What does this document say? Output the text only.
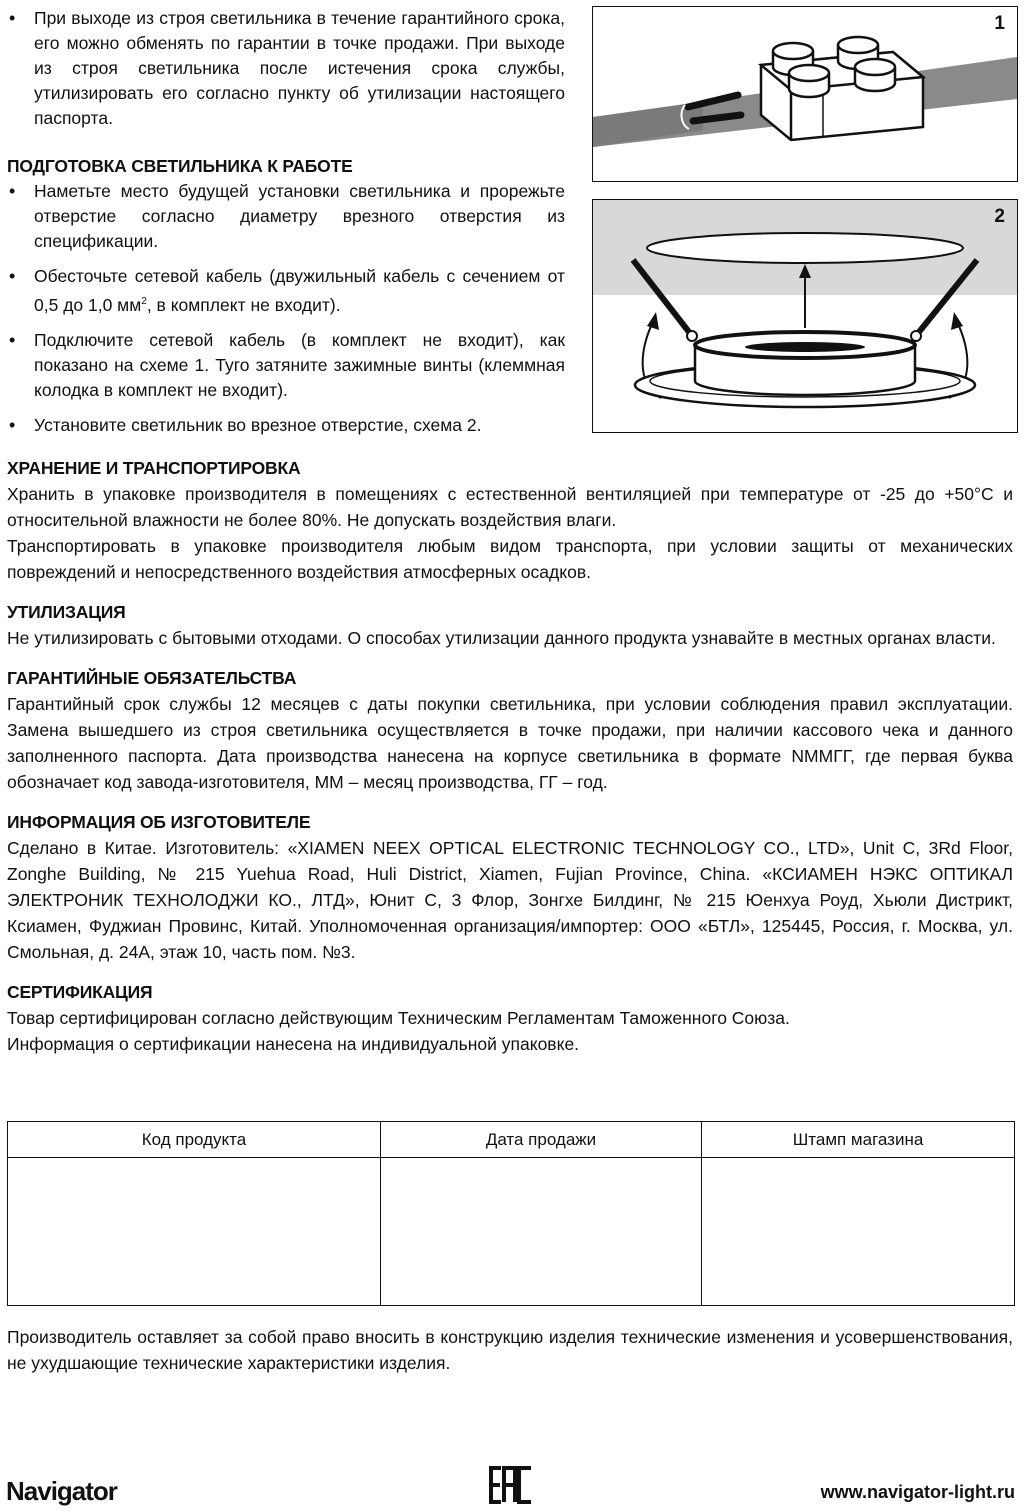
• При выходе из строя светильника в течение гарантийного срока, его можно обменять по гарантии в точке продажи. При выходе из строя светильника после истечения срока службы, утилизировать его согласно пункту об утилизации настоящего паспорта.
ПОДГОТОВКА СВЕТИЛЬНИКА К РАБОТЕ
• Наметьте место будущей установки светильника и прорежьте отверстие согласно диаметру врезного отверстия из спецификации.
• Обесточьте сетевой кабель (двужильный кабель с сечением от 0,5 до 1,0 $мм^2$, в комплект не входит).
• Подключите сетевой кабель (в комплект не входит), как показано на схеме 1. Туго затяните зажимные винты (клеммная колодка в комплект не входит).
• Установите светильник во врезное отверстие, схема 2.
1
2
ХРАНЕНИЕ И ТРАНСПОРТИРОВКА

Хранить в упаковке производителя в помещениях с естественной вентиляцией при температуре от -25 до +50°C и относительной влажности не более 80%. Не допускать воздействия влаги.

Транспортировать в упаковке производителя любым видом транспорта, при условии защиты от механических повреждений и непосредственного воздействия атмосферных осадков.

УТИЛИЗАЦИЯ

Не утилизировать с бытовыми отходами. О способах утилизации данного продукта узнавайте в местных органах власти.

ГАРАНТИЙНЫЕ ОБЯЗАТЕЛЬСТВА

Гарантийный срок службы 12 месяцев с даты покупки светильника, при условии соблюдения правил эксплуатации. Замена вышедшего из строя светильника осуществляется в точке продажи, при наличии кассового чека и данного заполненного паспорта. Дата производства нанесена на корпусе светильника в формате NММГГ, где первая буква обозначает код завода-изготовителя, ММ – месяц производства, ГГ – год.

ИНФОРМАЦИЯ ОБ ИЗГОТОВИТЕЛЕ

Сделано в Китае. Изготовитель: «XIAMEN NEEX OPTICAL ELECTRONIC TECHNOLOGY CO., LTD», Unit C, 3Rd Floor, Zonghe Building, № 215 Yuehua Road, Huli District, Xiamen, Fujian Province, China. «КСИАМЕН НЭКС ОПТИКАЛ ЭЛЕКТРОНИК ТЕХНОЛОДЖИ КО., ЛТД», Юнит С, 3 Флор, Зонгхе Билдинг, № 215 Юенхуа Роуд, Хьюли Дистрикт, Ксиамен, Фуджиан Провинс, Китай. Уполномоченная организация/импортер: ООО «БТЛ», 125445, Россия, г. Москва, ул. Смольная, д. 24А, этаж 10, часть пом. №3.

СЕРТИФИКАЦИЯ

Товар сертифицирован согласно действующим Техническим Регламентам Таможенного Союза.

Информация о сертификации нанесена на индивидуальной упаковке.

Код продукта	Дата продажи	Штамп магазина

Производитель оставляет за собой право вносить в конструкцию изделия технические изменения и усовершенствования, не ухудшающие технические характеристики изделия.

Navigator	www.navigator-light.ru
